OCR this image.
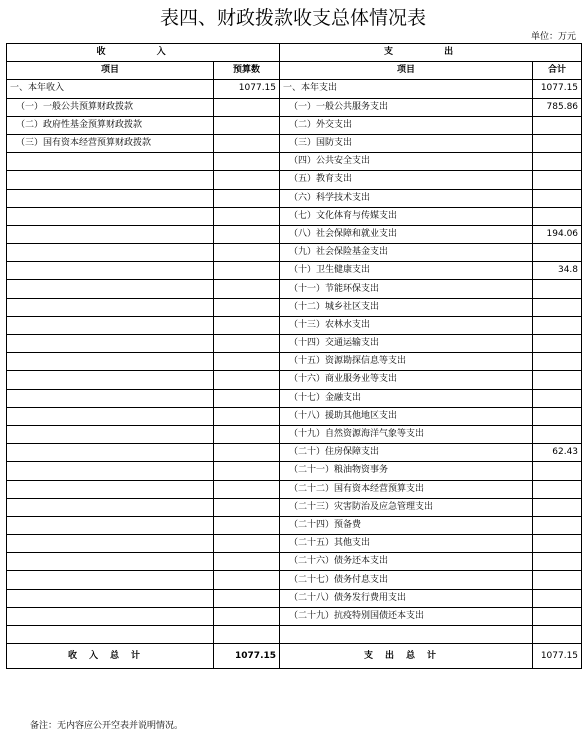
表四、财政拨款收支总体情况表
单位：万元
收 入		支 出	
项目	预算数	项目	合计
一、本年收入	1077.15	一、本年支出	1077.15
（一）一般公共预算财政拨款		（一）一般公共服务支出	785.86
（二）政府性基金预算财政拨款		（二）外交支出	
（三）国有资本经营预算财政拨款		（三）国防支出	
		（四）公共安全支出	
		（五）教育支出	
		（六）科学技术支出	
		（七）文化体育与传媒支出	
		（八）社会保障和就业支出	194.06
		（九）社会保险基金支出	
		（十）卫生健康支出	34.8
		（十一）节能环保支出	
		（十二）城乡社区支出	
		（十三）农林水支出	
		（十四）交通运输支出	
		（十五）资源勘探信息等支出	
		（十六）商业服务业等支出	
		（十七）金融支出	
		（十八）援助其他地区支出	
		（十九）自然资源海洋气象等支出	
		（二十）住房保障支出	62.43
		（二十一）粮油物资事务	
		（二十二）国有资本经营预算支出	
		（二十三）灾害防治及应急管理支出	
		（二十四）预备费	
		（二十五）其他支出	
		（二十六）债务还本支出	
		（二十七）债务付息支出	
		（二十八）债务发行费用支出	
		（二十九）抗疫特别国债还本支出	

收入总计	1077.15	支出总计	1077.15
备注：无内容应公开空表并说明情况。
